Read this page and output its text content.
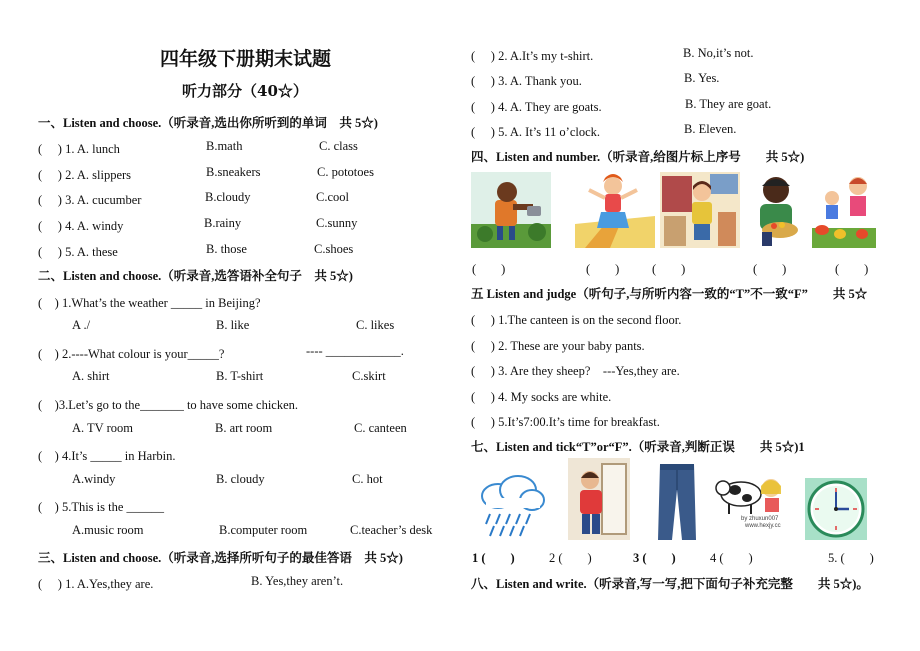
四年级下册期末试题
听力部分（40☆）
一、Listen and choose.（听录音,选出你所听到的单词　共 5☆)
(　 ) 1. A. lunch	B.math	C. class
(　 ) 2. A. slippers	B.sneakers	C. pototoes
(　 ) 3. A. cucumber	B.cloudy	C.cool
(　 ) 4. A. windy	B.rainy	C.sunny
(　 ) 5. A. these	B. those	C.shoes
二、Listen and choose.（听录音,选答语补全句子　共 5☆)
(　) 1.What’s the weather _____ in Beijing?
A ./	B. like	C. likes
(　) 2.----What colour is your_____?	---- ____________.
A. shirt	B. T-shirt	C.skirt
(　)3.Let’s go to the_______ to have some chicken.
A. TV room	B. art room	C. canteen
(　) 4.It’s _____ in Harbin.
A.windy	B. cloudy	C. hot
(　) 5.This is the ______
A.music room	B.computer room	C.teacher’s desk
三、Listen and choose.（听录音,选择所听句子的最佳答语　共 5☆)
(　 ) 1. A.Yes,they are.	B. Yes,they aren’t.
(　 ) 2. A.It’s my t-shirt.	B. No,it’s not.
(　 ) 3. A. Thank you.	B. Yes.
(　 ) 4. A. They are goats.	B. They are goat.
(　 ) 5. A. It’s 11 o’clock.	B. Eleven.
四、Listen and number.（听录音,给图片标上序号　　共 5☆)
(　　)	(　　)	(　　)	(　　)	(　　)
五 Listen and judge（听句子,与所听内容一致的“T”不一致“F”　　共 5☆
(　 ) 1.The canteen is on the second floor.
(　 ) 2. These are your baby pants.
(　 ) 3. Are they sheep?　---Yes,they are.
(　 ) 4. My socks are white.
(　 ) 5.It’s7:00.It’s time for breakfast.
七、Listen and tick“T”or“F”.（听录音,判断正误　　共 5☆)1
by zhuxun007
www.hexjy.cc
1 (　　)	2 (　　)	3 (　　)	4 (　　)	5. (　　)
八、Listen and write.（听录音,写一写,把下面句子补充完整　　共 5☆)。
